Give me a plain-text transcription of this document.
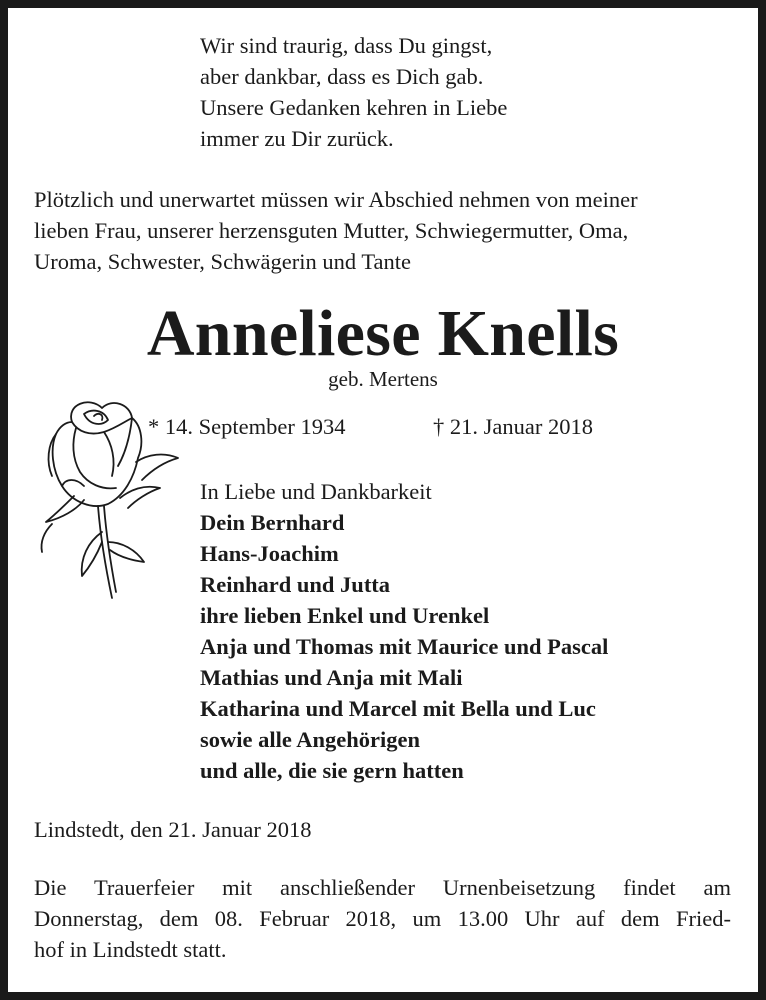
Wir sind traurig, dass Du gingst,
aber dankbar, dass es Dich gab.
Unsere Gedanken kehren in Liebe
immer zu Dir zurück.
Plötzlich und unerwartet müssen wir Abschied nehmen von meiner
lieben Frau, unserer herzensguten Mutter, Schwiegermutter, Oma,
Uroma, Schwester, Schwägerin und Tante
Anneliese Knells
geb. Mertens
* 14. September 1934	† 21. Januar 2018
In Liebe und Dankbarkeit
Dein Bernhard
Hans-Joachim
Reinhard und Jutta
ihre lieben Enkel und Urenkel
Anja und Thomas mit Maurice und Pascal
Mathias und Anja mit Mali
Katharina und Marcel mit Bella und Luc
sowie alle Angehörigen
und alle, die sie gern hatten
Lindstedt, den 21. Januar 2018
Die Trauerfeier mit anschließender Urnenbeisetzung findet am
Donnerstag, dem 08. Februar 2018, um 13.00 Uhr auf dem Fried-
hof in Lindstedt statt.
